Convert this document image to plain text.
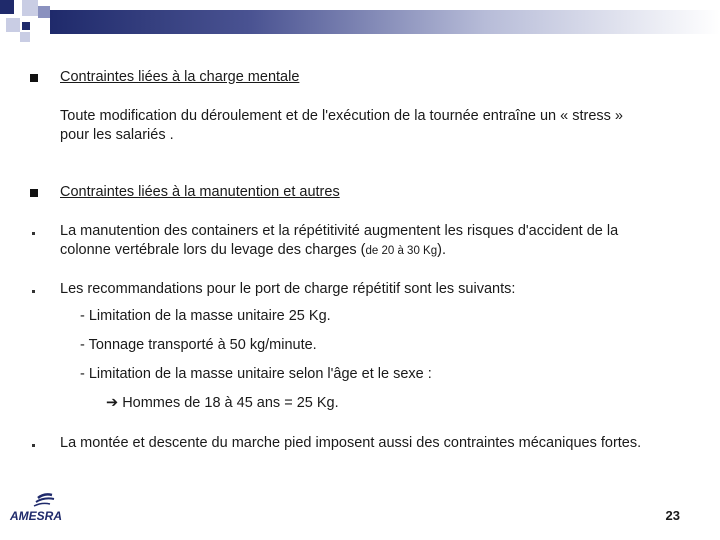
Contraintes liées à la charge mentale
Toute modification du déroulement et de l'exécution de la tournée entraîne un « stress »
pour les salariés .
Contraintes liées à la manutention et autres
La manutention des containers et la répétitivité augmentent les risques d'accident de la
colonne vertébrale lors du levage des charges (de 20 à 30 Kg).
Les recommandations pour le port de charge répétitif sont les suivants:
- Limitation de la masse unitaire 25 Kg.
- Tonnage transporté à 50 kg/minute.
- Limitation de la masse unitaire selon l'âge et le sexe :
➔ Hommes de 18 à 45 ans = 25 Kg.
La montée et descente du marche pied imposent aussi des contraintes mécaniques fortes.
AMESRA	23
